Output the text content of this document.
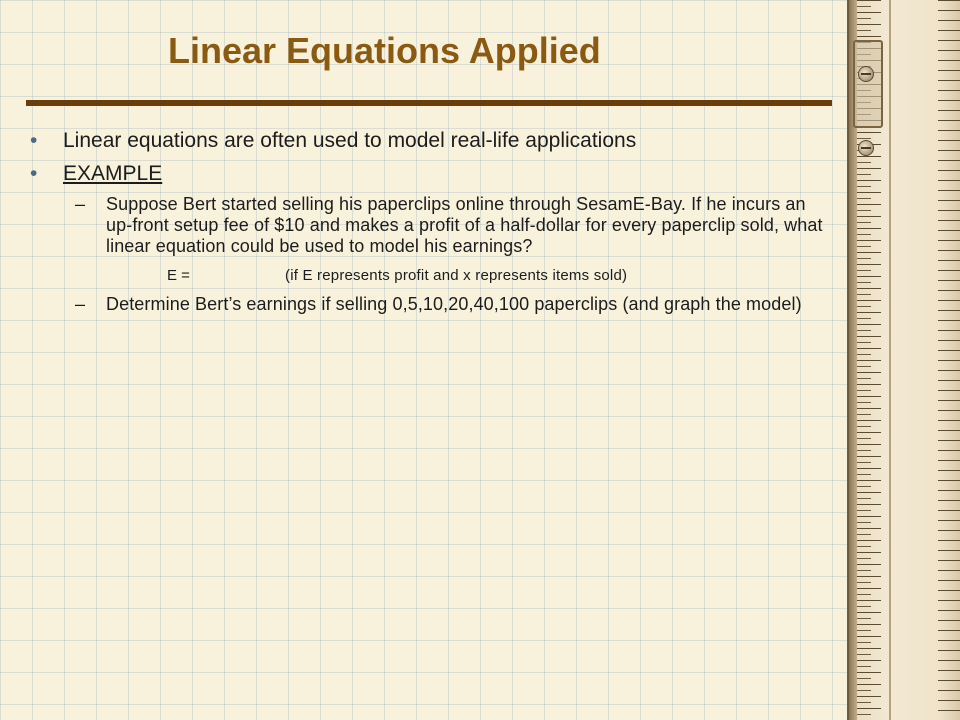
Linear Equations Applied
• Linear equations are often used to model real-life applications
• EXAMPLE
– Suppose Bert started selling his paperclips online through SesamE-Bay. If he incurs an up-front setup fee of $10 and makes a profit of a half-dollar for every paperclip sold, what linear equation could be used to model his earnings?
E =	(if E represents profit and x represents items sold)
– Determine Bert’s earnings if selling 0,5,10,20,40,100 paperclips (and graph the model)
